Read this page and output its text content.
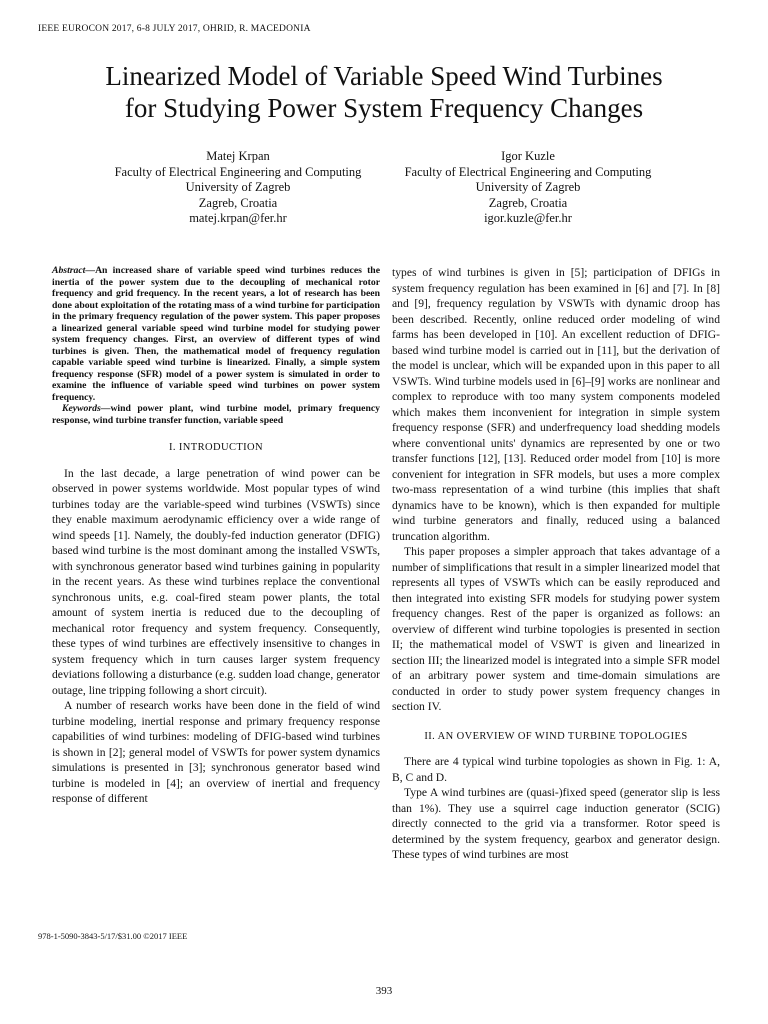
IEEE EUROCON 2017, 6-8 JULY 2017, OHRID, R. MACEDONIA
Linearized Model of Variable Speed Wind Turbines
for Studying Power System Frequency Changes
Matej Krpan
Faculty of Electrical Engineering and Computing
University of Zagreb
Zagreb, Croatia
matej.krpan@fer.hr
Igor Kuzle
Faculty of Electrical Engineering and Computing
University of Zagreb
Zagreb, Croatia
igor.kuzle@fer.hr

Abstract—An increased share of variable speed wind turbines reduces the inertia of the power system due to the decoupling of mechanical rotor frequency and grid frequency. In the recent years, a lot of research has been done about exploitation of the rotating mass of a wind turbine for participation in the primary frequency regulation of the power system. This paper proposes a linearized general variable speed wind turbine model for studying power system frequency changes. First, an overview of different types of wind turbines is given. Then, the mathematical model of frequency regulation capable variable speed wind turbine is linearized. Finally, a simple system frequency response (SFR) model of a power system is simulated in order to examine the influence of variable speed wind turbines on power system frequency.

Keywords—wind power plant, wind turbine model, primary frequency response, wind turbine transfer function, variable speed

I. INTRODUCTION

In the last decade, a large penetration of wind power can be observed in power systems worldwide. Most popular types of wind turbines today are the variable-speed wind turbines (VSWTs) since they enable maximum aerodynamic efficiency over a wide range of wind speeds [1]. Namely, the doubly-fed induction generator (DFIG) based wind turbine is the most dominant among the installed VSWTs, with synchronous generator based wind turbines gaining in popularity in the recent years. As these wind turbines replace the conventional synchronous units, e.g. coal-fired steam power plants, the total amount of system inertia is reduced due to the decoupling of mechanical rotor frequency and system frequency. Consequently, these types of wind turbines are effectively insensitive to changes in system frequency which in turn causes larger system frequency deviations following a disturbance (e.g. sudden load change, generator outage, line tripping following a short circuit).

A number of research works have been done in the field of wind turbine modeling, inertial response and primary frequency response capabilities of wind turbines: modeling of DFIG-based wind turbines is shown in [2]; general model of VSWTs for power system dynamics simulations is presented in [3]; synchronous generator based wind turbine is modeled in [4]; an overview of inertial and frequency response of different

types of wind turbines is given in [5]; participation of DFIGs in system frequency regulation has been examined in [6] and [7]. In [8] and [9], frequency regulation by VSWTs with dynamic droop has been described. Recently, online reduced order modeling of wind farms has been developed in [10]. An excellent reduction of DFIG-based wind turbine model is carried out in [11], but the derivation of the model is unclear, which will be expanded upon in this paper to all VSWTs. Wind turbine models used in [6]–[9] works are nonlinear and complex to reproduce with too many system components modeled which makes them inconvenient for integration in simple system frequency response (SFR) and underfrequency load shedding models where conventional units' dynamics are represented by one or two transfer functions [12], [13]. Reduced order model from [10] is more convenient for integration in SFR models, but uses a more complex two-mass representation of a wind turbine (this implies that shaft dynamics have to be known), which is then expanded for multiple wind turbine generators and finally, reduced using a balanced truncation algorithm.

This paper proposes a simpler approach that takes advantage of a number of simplifications that result in a simpler linearized model that represents all types of VSWTs which can be easily reproduced and then integrated into existing SFR models for studying power system frequency changes. Rest of the paper is organized as follows: an overview of different wind turbine topologies is presented in section II; the mathematical model of VSWT is given and linearized in section III; the linearized model is integrated into a simple SFR model of an arbitrary power system and time-domain simulations are conducted in order to study power system frequency changes in section IV.

II. AN OVERVIEW OF WIND TURBINE TOPOLOGIES

There are 4 typical wind turbine topologies as shown in Fig. 1: A, B, C and D.

Type A wind turbines are (quasi-)fixed speed (generator slip is less than 1%). They use a squirrel cage induction generator (SCIG) directly connected to the grid via a transformer. Rotor speed is determined by the system frequency, gearbox and generator design. These types of wind turbines are most

978-1-5090-3843-5/17/$31.00 ©2017 IEEE
393
